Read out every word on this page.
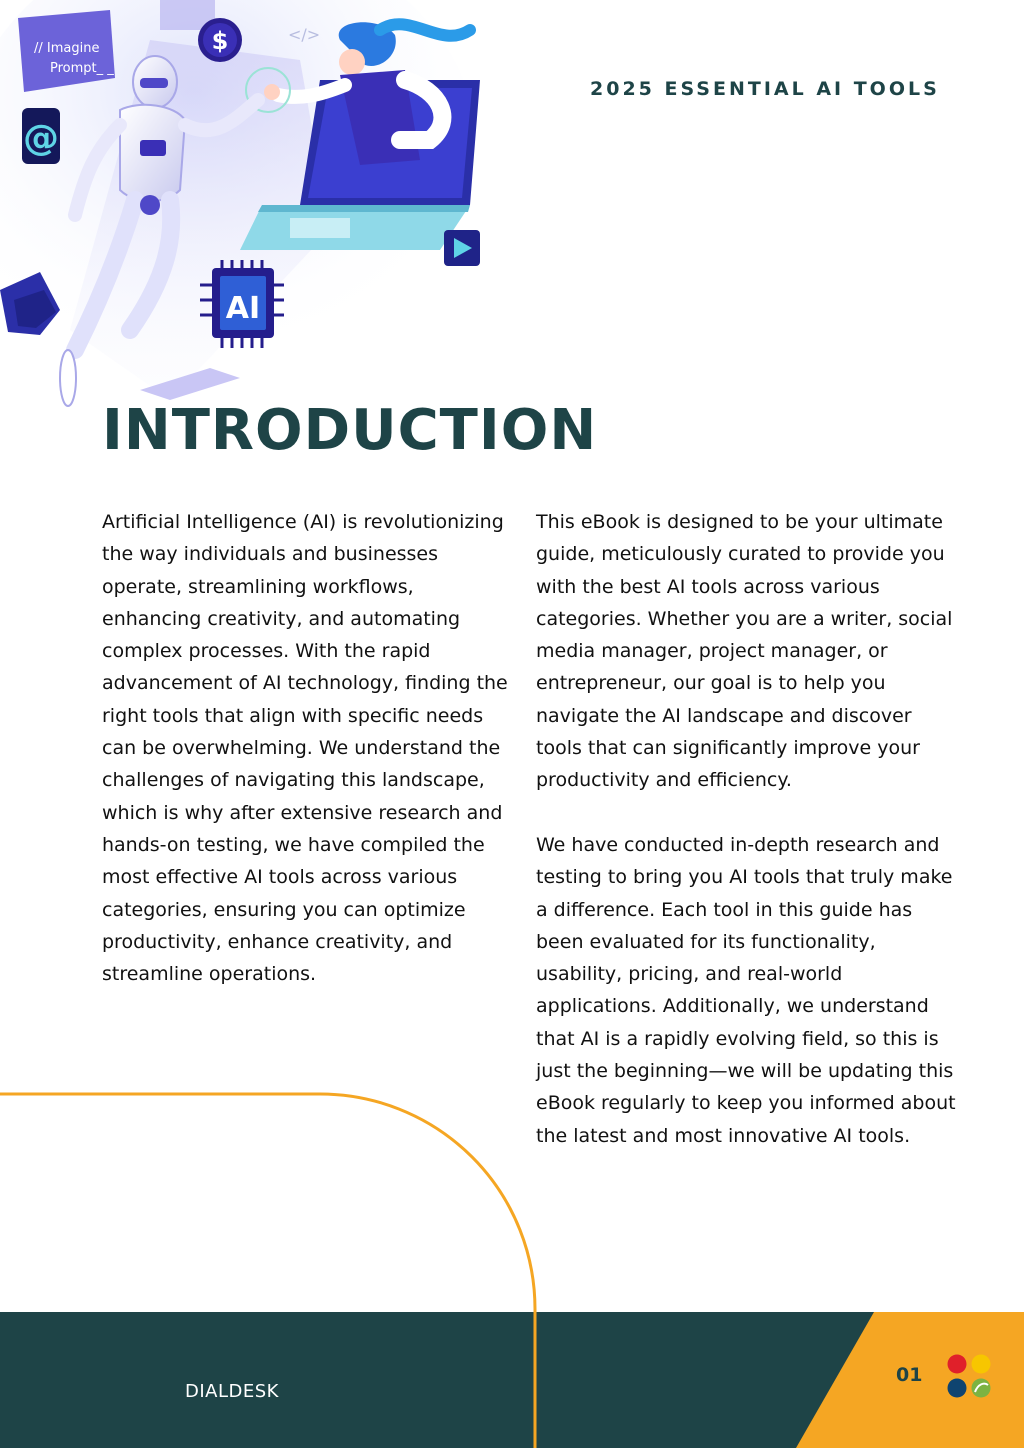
// Imagine
Prompt_ _
$	</>
@
AI
2025 ESSENTIAL AI TOOLS
INTRODUCTION

Artificial Intelligence (AI) is revolutionizing the way individuals and businesses operate, streamlining workflows, enhancing creativity, and automating complex processes. With the rapid advancement of AI technology, finding the right tools that align with specific needs can be overwhelming. We understand the challenges of navigating this landscape, which is why after extensive research and hands-on testing, we have compiled the most effective AI tools across various categories, ensuring you can optimize productivity, enhance creativity, and streamline operations.

This eBook is designed to be your ultimate guide, meticulously curated to provide you with the best AI tools across various categories. Whether you are a writer, social media manager, project manager, or entrepreneur, our goal is to help you navigate the AI landscape and discover tools that can significantly improve your productivity and efficiency.

We have conducted in-depth research and testing to bring you AI tools that truly make a difference. Each tool in this guide has been evaluated for its functionality, usability, pricing, and real-world applications. Additionally, we understand that AI is a rapidly evolving field, so this is just the beginning—we will be updating this eBook regularly to keep you informed about the latest and most innovative AI tools.

DIALDESK
01
